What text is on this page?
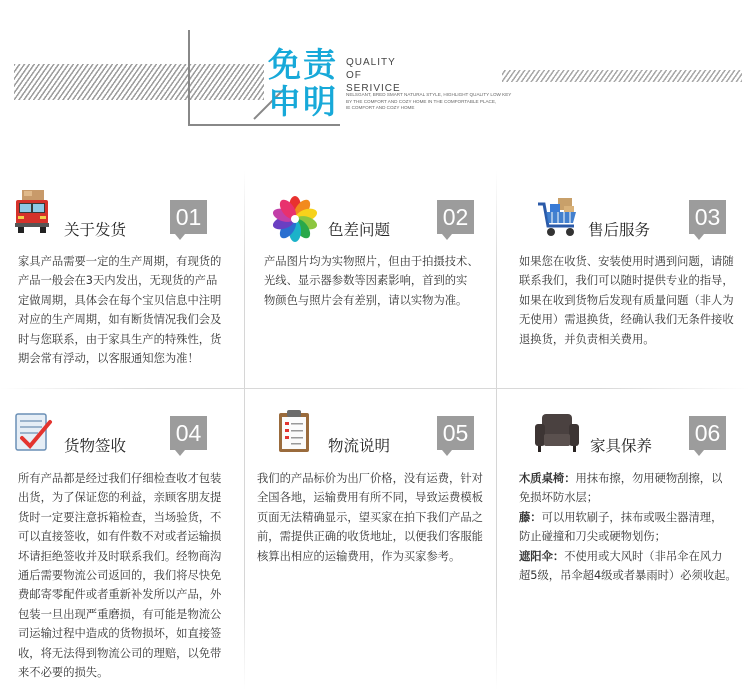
免责
申明
QUALITY
OF
SERIVICE
NELSGANT, BRED SMART NATURAL STYLE, HIGHLIGHT QUALITY LOW KEY
BY THE COMFORT AND COZY HOME IN THE COMFORTABLE PLACE,
IE COMFORT AND COZY HOME
关于发货 01
家具产品需要一定的生产周期，有现货的
产品一般会在3天内发出，无现货的产品
定做周期，具体会在每个宝贝信息中注明
对应的生产周期，如有断货情况我们会及
时与您联系，由于家具生产的特殊性，货
期会常有浮动，以客服通知您为准！
色差问题 02
产品图片均为实物照片，但由于拍摄技术、
光线、显示器参数等因素影响，首到的实
物颜色与照片会有差别，请以实物为准。
售后服务 03
如果您在收货、安装使用时遇到问题，请随
联系我们，我们可以随时提供专业的指导，
如果在收到货物后发现有质量问题（非人为
无使用）需退换货，经确认我们无条件接收
退换货，并负责相关费用。
货物签收 04
所有产品都是经过我们仔细检查收才包装
出货，为了保证您的利益，亲顾客朋友提
货时一定要注意拆箱检查，当场验货，不
可以直接签收，如有件数不对或者运输损
坏请拒绝签收并及时联系我们。经物商沟
通后需要物流公司返回的，我们将尽快免
费邮寄零配件或者重新补发所以产品，外
包装一旦出现严重磨损，有可能是物流公
司运输过程中造成的货物损坏，如直接签
收，将无法得到物流公司的理赔，以免带
来不必要的损失。
物流说明 05
我们的产品标价为出厂价格，没有运费，针对
全国各地，运输费用有所不同，导致运费模板
页面无法精确显示，望买家在拍下我们产品之
前，需提供正确的收货地址，以便我们客服能
核算出相应的运输费用，作为买家参考。
家具保养 06
木质桌椅：用抹布擦，勿用硬物刮擦，以
免损坏防水层；
藤：可以用软刷子，抹布或吸尘器清理，
防止碰撞和刀尖或硬物划伤；
遮阳伞：不使用或大风时（非吊伞在风力
超5级，吊伞超4级或者暴雨时）必须收起。
